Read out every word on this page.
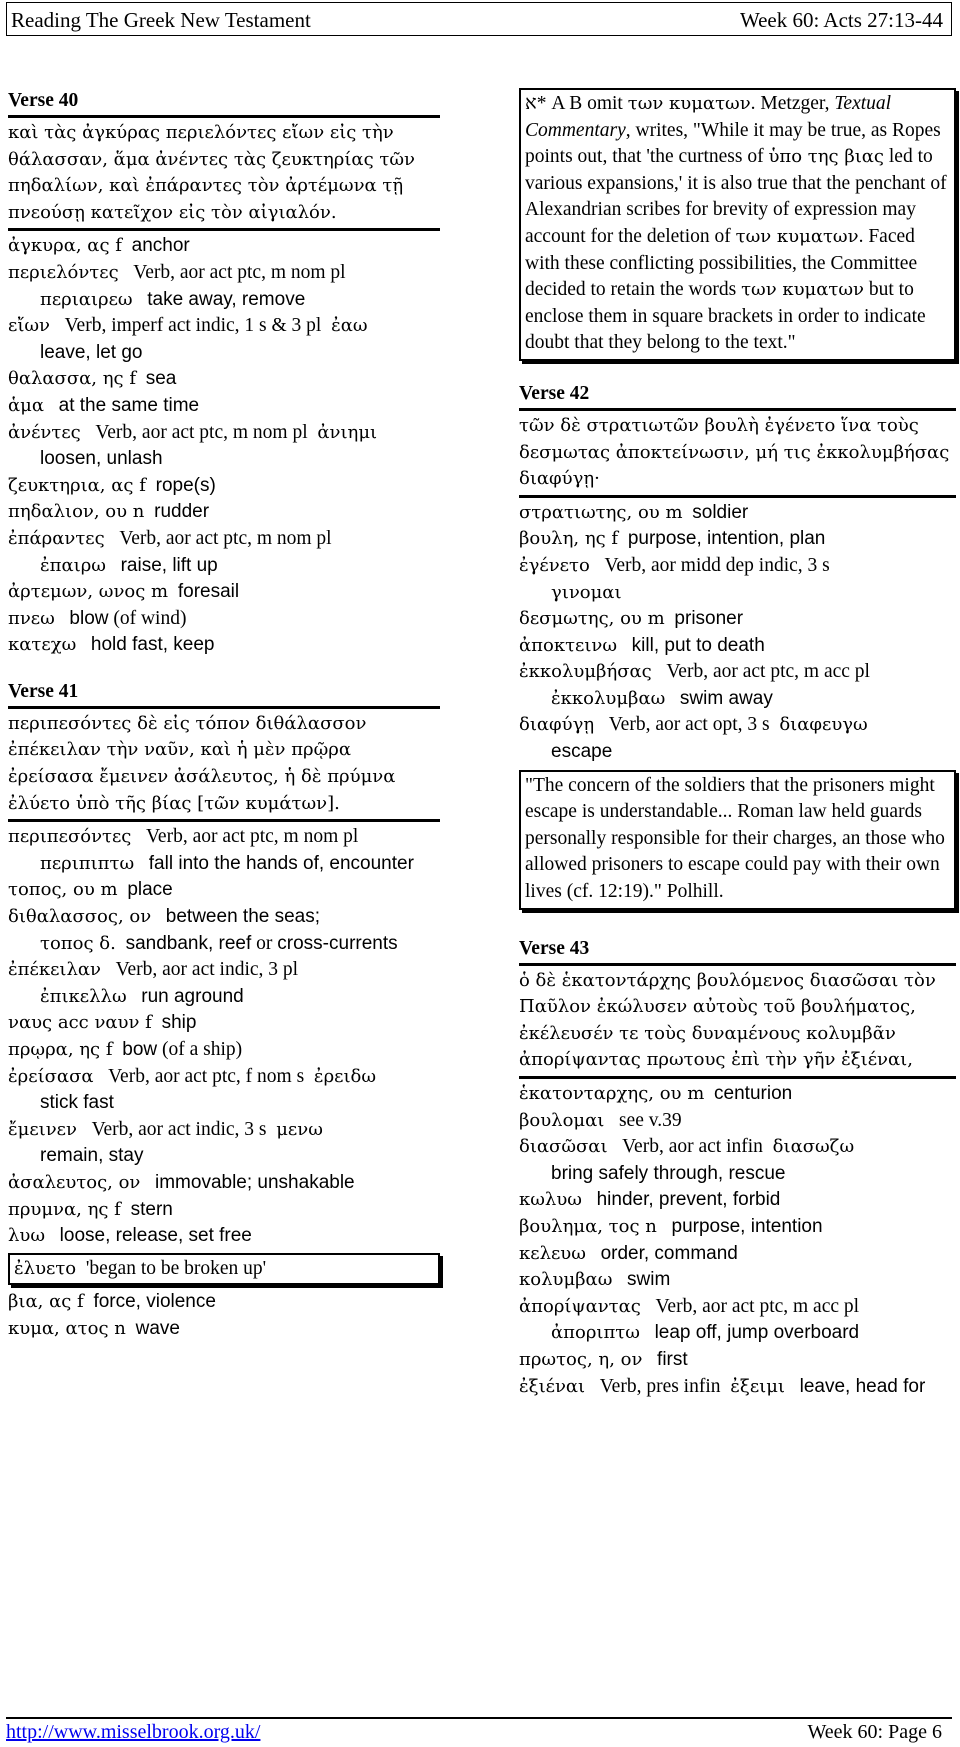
Reading The Greek New Testament	Week 60: Acts 27:13-44
Verse 40
καὶ τὰς ἀγκύρας περιελόντες εἴων εἰς τὴν θάλασσαν, ἅμα ἀνέντες τὰς ζευκτηρίας τῶν πηδαλίων, καὶ ἐπάραντες τὸν ἀρτέμωνα τῇ πνεούσῃ κατεῖχον εἰς τὸν αἰγιαλόν.
ἀγκυρα, ας f anchor
περιελόντες Verb, aor act ptc, m nom pl
περιαιρεω take away, remove
εἴων Verb, imperf act indic, 1 s & 3 pl ἐαω
leave, let go
θαλασσα, ης f sea
ἁμα at the same time
ἀνέντες Verb, aor act ptc, m nom pl ἀνιημι
loosen, unlash
ζευκτηρια, ας f rope(s)
πηδαλιον, ου n rudder
ἐπάραντες Verb, aor act ptc, m nom pl
ἐπαιρω raise, lift up
ἀρτεμων, ωνος m foresail
πνεω blow (of wind)
κατεχω hold fast, keep
Verse 41
περιπεσόντες δὲ εἰς τόπον διθάλασσον ἐπέκειλαν τὴν ναῦν, καὶ ἡ μὲν πρῷρα ἐρείσασα ἔμεινεν ἀσάλευτος, ἡ δὲ πρύμνα ἐλύετο ὑπὸ τῆς βίας [τῶν κυμάτων].
περιπεσόντες Verb, aor act ptc, m nom pl
περιπιπτω fall into the hands of, encounter
τοπος, ου m place
διθαλασσος, ον between the seas;
τοπος δ. sandbank, reef or cross-currents
ἐπέκειλαν Verb, aor act indic, 3 pl
ἐπικελλω run aground
ναυς acc ναυν f ship
πρῳρα, ης f bow (of a ship)
ἐρείσασα Verb, aor act ptc, f nom s ἐρειδω
stick fast
ἔμεινεν Verb, aor act indic, 3 s μενω
remain, stay
ἀσαλευτος, ον immovable; unshakable
πρυμνα, ης f stern
λυω loose, release, set free
ἐλυετο 'began to be broken up'
βια, ας f force, violence
κυμα, ατος n wave
א* A B omit των κυματων. Metzger, Textual Commentary, writes, "While it may be true, as Ropes points out, that 'the curtness of ὑπο της βιας led to various expansions,' it is also true that the penchant of Alexandrian scribes for brevity of expression may account for the deletion of των κυματων. Faced with these conflicting possibilities, the Committee decided to retain the words των κυματων but to enclose them in square brackets in order to indicate doubt that they belong to the text."
Verse 42
τῶν δὲ στρατιωτῶν βουλὴ ἐγένετο ἵνα τοὺς δεσμωτας ἀποκτείνωσιν, μή τις ἐκκολυμβήσας διαφύγῃ·
στρατιωτης, ου m soldier
βουλη, ης f purpose, intention, plan
ἐγένετο Verb, aor midd dep indic, 3 s
γινομαι
δεσμωτης, ου m prisoner
ἀποκτεινω kill, put to death
ἐκκολυμβήσας Verb, aor act ptc, m acc pl
ἐκκολυμβαω swim away
διαφύγῃ Verb, aor act opt, 3 s διαφευγω
escape
"The concern of the soldiers that the prisoners might escape is understandable... Roman law held guards personally responsible for their charges, an those who allowed prisoners to escape could pay with their own lives (cf. 12:19)." Polhill.
Verse 43
ὁ δὲ ἑκατοντάρχης βουλόμενος διασῶσαι τὸν Παῦλον ἐκώλυσεν αὐτοὺς τοῦ βουλήματος, ἐκέλευσέν τε τοὺς δυναμένους κολυμβᾶν ἀπορίψαντας πρωτους ἐπὶ τὴν γῆν ἐξιέναι,
ἑκατονταρχης, ου m centurion
βουλομαι see v.39
διασῶσαι Verb, aor act infin διασωζω
bring safely through, rescue
κωλυω hinder, prevent, forbid
βουλημα, τος n purpose, intention
κελευω order, command
κολυμβαω swim
ἀπορίψαντας Verb, aor act ptc, m acc pl
ἀποριπτω leap off, jump overboard
πρωτος, η, ον first
ἐξιέναι Verb, pres infin ἐξειμι leave, head for
http://www.misselbrook.org.uk/	Week 60: Page 6
